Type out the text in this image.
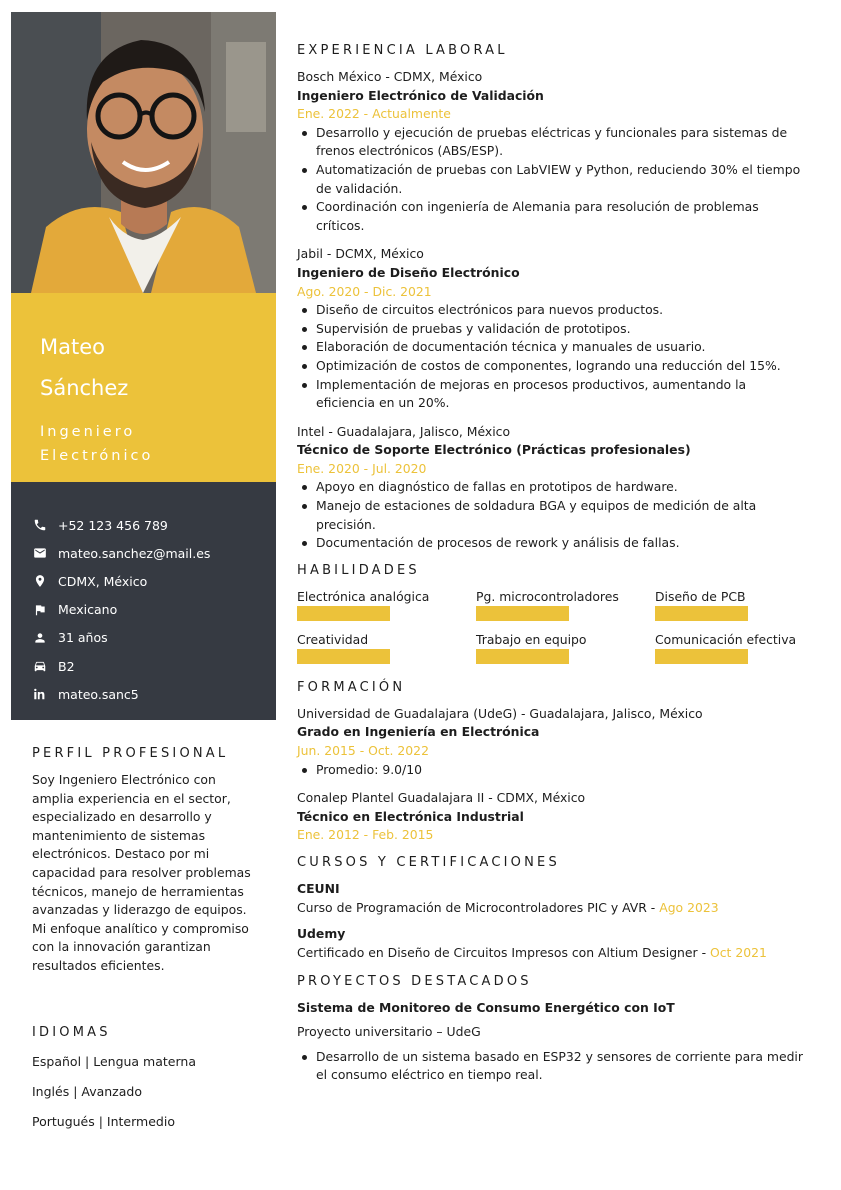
Mateo
Sánchez
Ingeniero
Electrónico
+52 123 456 789
mateo.sanchez@mail.es
CDMX, México
Mexicano
31 años
B2
mateo.sanc5
PERFIL PROFESIONAL

Soy Ingeniero Electrónico con amplia experiencia en el sector, especializado en desarrollo y mantenimiento de sistemas electrónicos. Destaco por mi capacidad para resolver problemas técnicos, manejo de herramientas avanzadas y liderazgo de equipos. Mi enfoque analítico y compromiso con la innovación garantizan resultados eficientes.

IDIOMAS
Español | Lengua materna
Inglés | Avanzado
Portugués | Intermedio
EXPERIENCIA LABORAL
Bosch México - CDMX, México
Ingeniero Electrónico de Validación
Ene. 2022 - Actualmente
Desarrollo y ejecución de pruebas eléctricas y funcionales para sistemas de frenos electrónicos (ABS/ESP).
Automatización de pruebas con LabVIEW y Python, reduciendo 30% el tiempo de validación.
Coordinación con ingeniería de Alemania para resolución de problemas críticos.
Jabil - DCMX, México
Ingeniero de Diseño Electrónico
Ago. 2020 - Dic. 2021
Diseño de circuitos electrónicos para nuevos productos.
Supervisión de pruebas y validación de prototipos.
Elaboración de documentación técnica y manuales de usuario.
Optimización de costos de componentes, logrando una reducción del 15%.
Implementación de mejoras en procesos productivos, aumentando la eficiencia en un 20%.
Intel - Guadalajara, Jalisco, México
Técnico de Soporte Electrónico (Prácticas profesionales)
Ene. 2020 - Jul. 2020
Apoyo en diagnóstico de fallas en prototipos de hardware.
Manejo de estaciones de soldadura BGA y equipos de medición de alta precisión.
Documentación de procesos de rework y análisis de fallas.
HABILIDADES
Electrónica analógica	Pg. microcontroladores	Diseño de PCB
Creatividad	Trabajo en equipo	Comunicación efectiva
FORMACIÓN
Universidad de Guadalajara (UdeG) - Guadalajara, Jalisco, México
Grado en Ingeniería en Electrónica
Jun. 2015 - Oct. 2022
Promedio: 9.0/10
Conalep Plantel Guadalajara II - CDMX, México
Técnico en Electrónica Industrial
Ene. 2012 - Feb. 2015
CURSOS Y CERTIFICACIONES
CEUNI
Curso de Programación de Microcontroladores PIC y AVR - Ago 2023
Udemy
Certificado en Diseño de Circuitos Impresos con Altium Designer - Oct 2021
PROYECTOS DESTACADOS
Sistema de Monitoreo de Consumo Energético con IoT
Proyecto universitario – UdeG
Desarrollo de un sistema basado en ESP32 y sensores de corriente para medir el consumo eléctrico en tiempo real.
